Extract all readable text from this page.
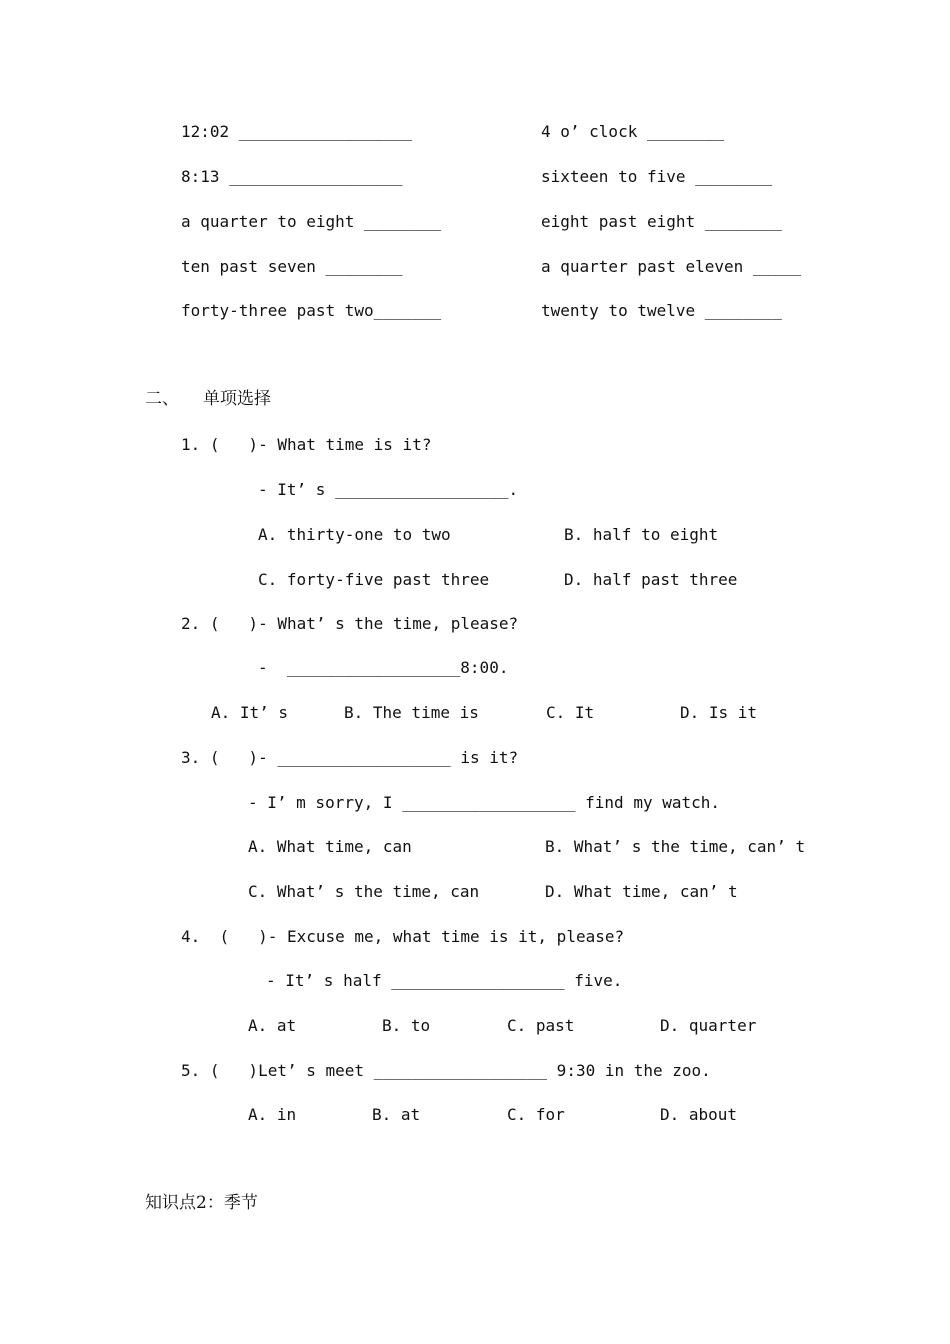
12:02 __________________	4 o’ clock ________
8:13 __________________	sixteen to five ________
a quarter to eight ________	eight past eight ________
ten past seven ________	a quarter past eleven _____
forty-three past two_______	twenty to twelve ________
二、 单项选择
1. (   )- What time is it?
- It’ s __________________.
A. thirty-one to two	B. half to eight
C. forty-five past three	D. half past three
2. (   )- What’ s the time, please?
-  __________________8:00.
A. It’ s	B. The time is	C. It	D. Is it
3. (   )- __________________ is it?
- I’ m sorry, I __________________ find my watch.
A. What time, can	B. What’ s the time, can’ t
C. What’ s the time, can	D. What time, can’ t
4.  (   )- Excuse me, what time is it, please?
- It’ s half __________________ five.
A. at	B. to	C. past	D. quarter
5. (   )Let’ s meet __________________ 9:30 in the zoo.
A. in	B. at	C. for	D. about
知识点2：季节
